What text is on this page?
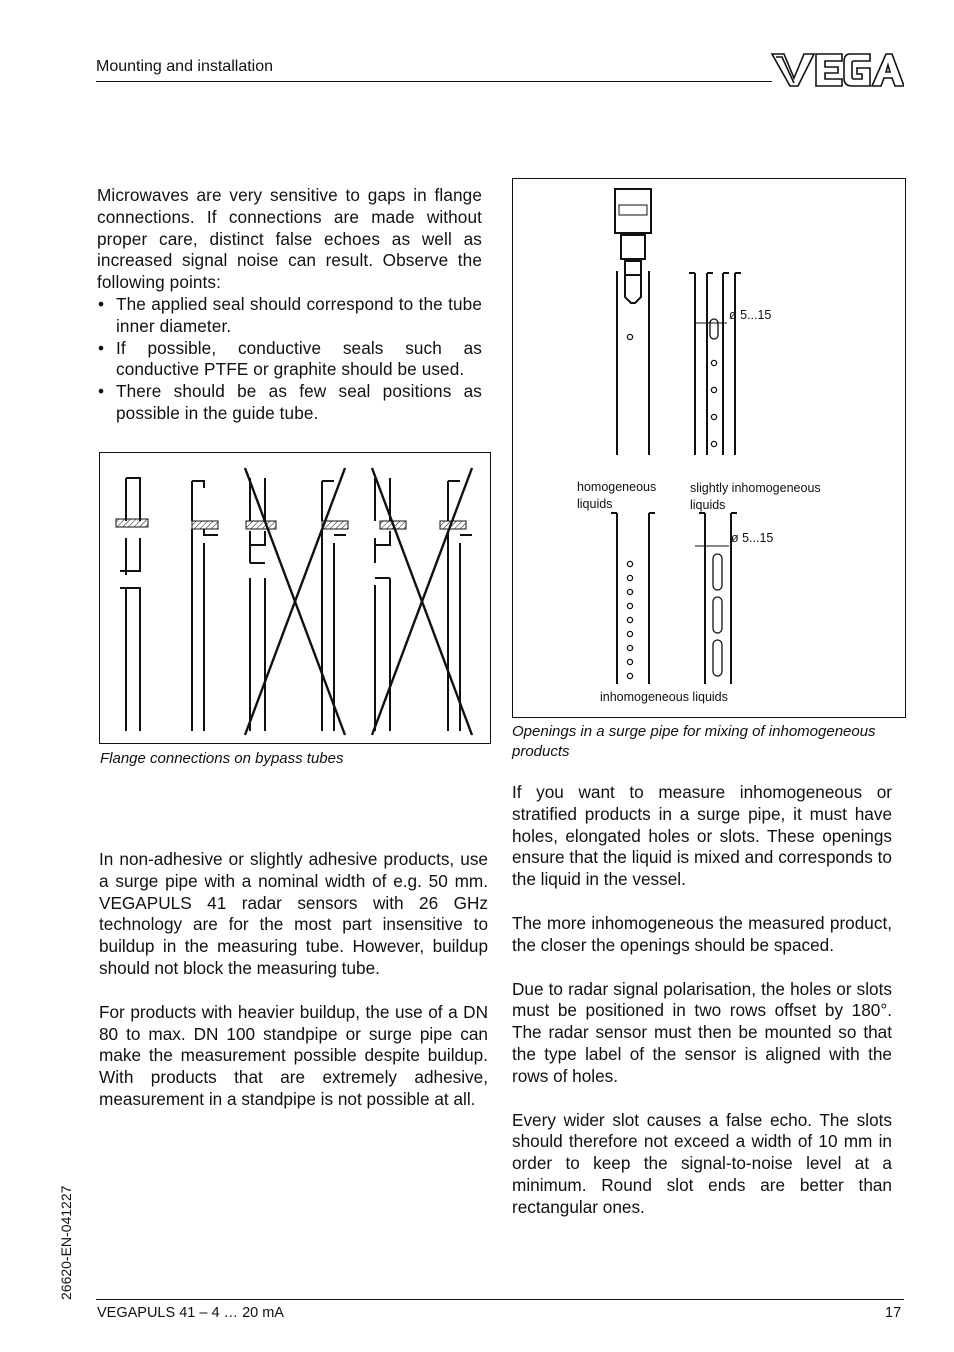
Mounting and installation

Microwaves are very sensitive to gaps in flange connections. If connections are made without proper care, distinct false echoes as well as increased signal noise can result. Observe the following points:

• The applied seal should correspond to the tube inner diameter.
• If possible, conductive seals such as conductive PTFE or graphite should be used.
• There should be as few seal positions as possible in the guide tube.
Flange connections on bypass tubes

In non-adhesive or slightly adhesive products, use a surge pipe with a nominal width of e.g. 50 mm. VEGAPULS 41 radar sensors with 26 GHz technology are for the most part insensitive to buildup in the measuring tube. However, buildup should not block the measuring tube.

For products with heavier buildup, the use of a DN 80 to max. DN 100 standpipe or surge pipe can make the measurement possible despite buildup. With products that are extremely adhesive, measurement in a standpipe is not possible at all.

ø 5...15
ø 5...15
homogeneous liquids
slightly inhomogeneous liquids
inhomogeneous liquids
Openings in a surge pipe for mixing of inhomogeneous products

If you want to measure inhomogeneous or stratified products in a surge pipe, it must have holes, elongated holes or slots. These openings ensure that the liquid is mixed and corresponds to the liquid in the vessel.

The more inhomogeneous the measured product, the closer the openings should be spaced.

Due to radar signal polarisation, the holes or slots must be positioned in two rows offset by 180°. The radar sensor must then be mounted so that the type label of the sensor is aligned with the rows of holes.

Every wider slot causes a false echo. The slots should therefore not exceed a width of 10 mm in order to keep the signal-to-noise level at a minimum. Round slot ends are better than rectangular ones.

26620-EN-041227
VEGAPULS 41 – 4 … 20 mA	17
